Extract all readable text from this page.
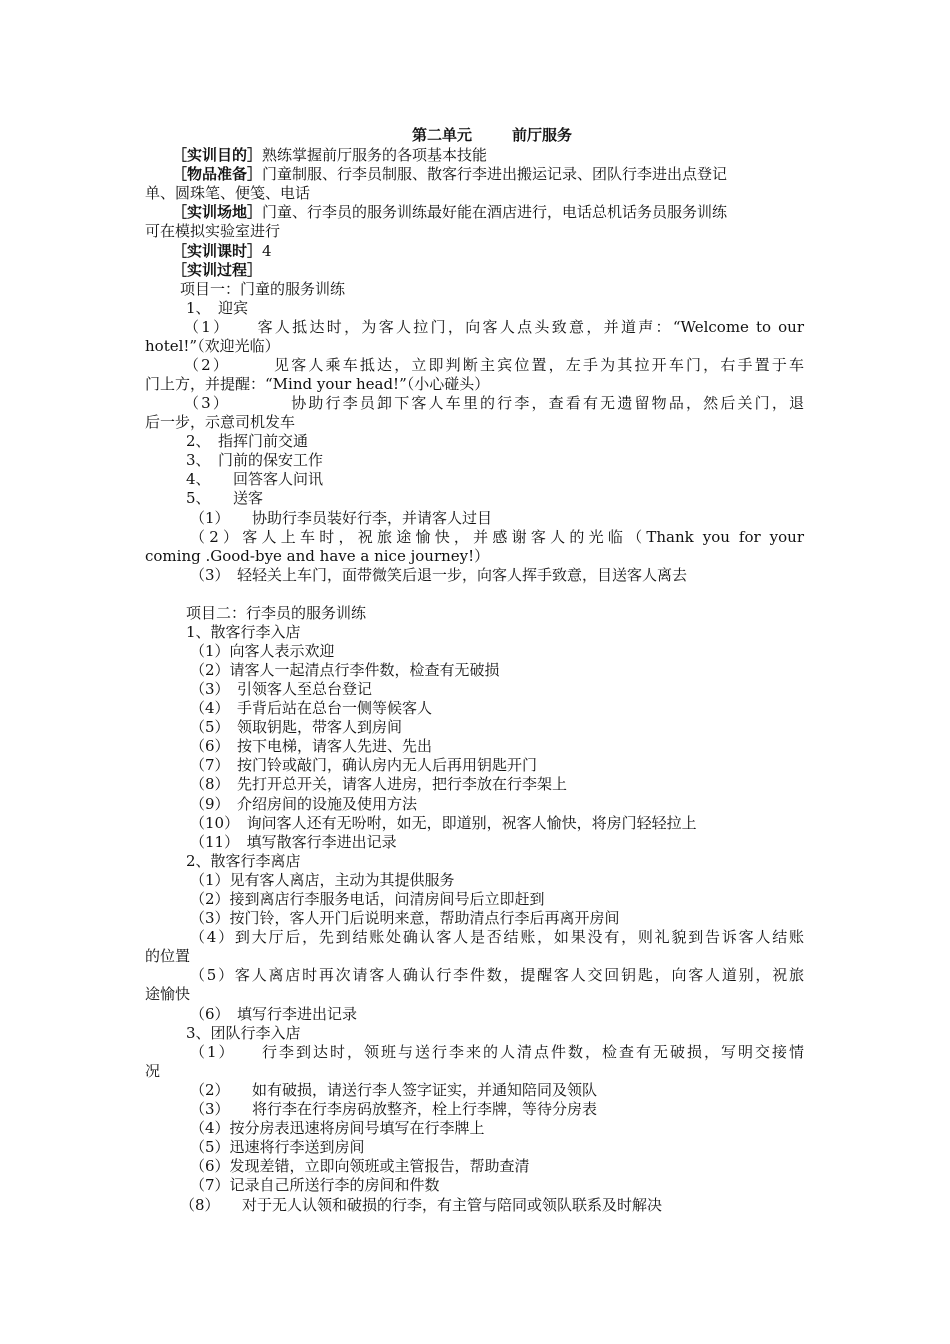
第二单元	前厅服务
［实训目的］熟练掌握前厅服务的各项基本技能
［物品准备］门童制服、行李员制服、散客行李进出搬运记录、团队行李进出点登记
单、圆珠笔、便笺、电话
［实训场地］门童、行李员的服务训练最好能在酒店进行，电话总机话务员服务训练
可在模拟实验室进行
［实训课时］4
［实训过程］
项目一：门童的服务训练
1、　迎宾
（1）　　客人抵达时，为客人拉门，向客人点头致意，并道声：“Welcome to our
hotel!”（欢迎光临）
（2）　　　见客人乘车抵达，立即判断主宾位置，左手为其拉开车门，右手置于车
门上方，并提醒：“Mind your head!”（小心碰头）
（3）　　　　协助行李员卸下客人车里的行李，查看有无遗留物品，然后关门，退
后一步，示意司机发车
2、　指挥门前交通
3、　门前的保安工作
4、　　回答客人问讯
5、　　送客
（1）　　协助行李员装好行李，并请客人过目
（2）客人上车时，祝旅途愉快，并感谢客人的光临（Thank you for your
coming .Good-bye and have a nice journey!）
（3）　轻轻关上车门，面带微笑后退一步，向客人挥手致意，目送客人离去
项目二：行李员的服务训练
1、散客行李入店
（1）向客人表示欢迎
（2）请客人一起清点行李件数，检查有无破损
（3）　引领客人至总台登记
（4）　手背后站在总台一侧等候客人
（5）　领取钥匙，带客人到房间
（6）　按下电梯，请客人先进、先出
（7）　按门铃或敲门，确认房内无人后再用钥匙开门
（8）　先打开总开关，请客人进房，把行李放在行李架上
（9）　介绍房间的设施及使用方法
（10）　询问客人还有无吩咐，如无，即道别，祝客人愉快，将房门轻轻拉上
（11）　填写散客行李进出记录
2、散客行李离店
（1）见有客人离店，主动为其提供服务
（2）接到离店行李服务电话，问清房间号后立即赶到
（3）按门铃，客人开门后说明来意，帮助清点行李后再离开房间
（4）到大厅后，先到结账处确认客人是否结账，如果没有，则礼貌到告诉客人结账
的位置
（5）客人离店时再次请客人确认行李件数，提醒客人交回钥匙，向客人道别，祝旅
途愉快
（6）　填写行李进出记录
3、团队行李入店
（1）　　行李到达时，领班与送行李来的人清点件数，检查有无破损，写明交接情
况
（2）　　如有破损，请送行李人签字证实，并通知陪同及领队
（3）　　将行李在行李房码放整齐，栓上行李牌，等待分房表
（4）按分房表迅速将房间号填写在行李牌上
（5）迅速将行李送到房间
（6）发现差错，立即向领班或主管报告，帮助查清
（7）记录自己所送行李的房间和件数
（8）　　对于无人认领和破损的行李，有主管与陪同或领队联系及时解决
